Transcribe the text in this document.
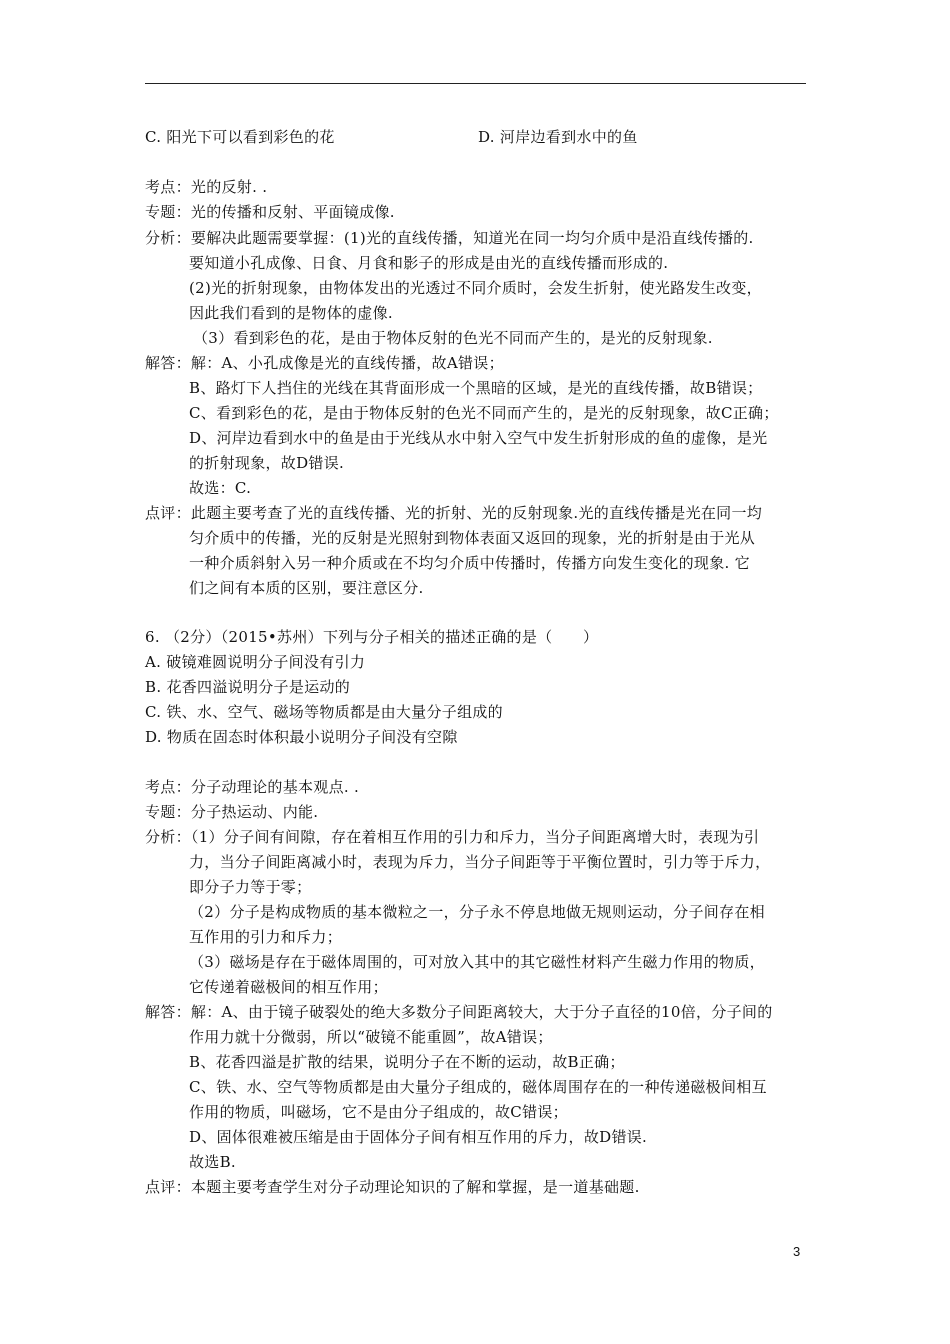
C. 阳光下可以看到彩色的花	D. 河岸边看到水中的鱼
考点：光的反射. .
专题：光的传播和反射、平面镜成像.
分析：要解决此题需要掌握：(1)光的直线传播，知道光在同一均匀介质中是沿直线传播的.
要知道小孔成像、日食、月食和影子的形成是由光的直线传播而形成的.
(2)光的折射现象，由物体发出的光透过不同介质时，会发生折射，使光路发生改变，
因此我们看到的是物体的虚像.
（3）看到彩色的花，是由于物体反射的色光不同而产生的，是光的反射现象.
解答：解：A、小孔成像是光的直线传播，故A错误；
B、路灯下人挡住的光线在其背面形成一个黑暗的区域，是光的直线传播，故B错误；
C、看到彩色的花，是由于物体反射的色光不同而产生的，是光的反射现象，故C正确；
D、河岸边看到水中的鱼是由于光线从水中射入空气中发生折射形成的鱼的虚像，是光
的折射现象，故D错误.
故选：C.
点评：此题主要考查了光的直线传播、光的折射、光的反射现象.光的直线传播是光在同一均
匀介质中的传播，光的反射是光照射到物体表面又返回的现象，光的折射是由于光从
一种介质斜射入另一种介质或在不均匀介质中传播时，传播方向发生变化的现象. 它
们之间有本质的区别，要注意区分.
6. （2分）（2015•苏州）下列与分子相关的描述正确的是（　　）
A. 破镜难圆说明分子间没有引力
B. 花香四溢说明分子是运动的
C. 铁、水、空气、磁场等物质都是由大量分子组成的
D. 物质在固态时体积最小说明分子间没有空隙
考点：分子动理论的基本观点. .
专题：分子热运动、内能.
分析：（1）分子间有间隙，存在着相互作用的引力和斥力，当分子间距离增大时，表现为引
力，当分子间距离减小时，表现为斥力，当分子间距等于平衡位置时，引力等于斥力，
即分子力等于零；
（2）分子是构成物质的基本微粒之一，分子永不停息地做无规则运动，分子间存在相
互作用的引力和斥力；
（3）磁场是存在于磁体周围的，可对放入其中的其它磁性材料产生磁力作用的物质，
它传递着磁极间的相互作用；
解答：解：A、由于镜子破裂处的绝大多数分子间距离较大，大于分子直径的10倍，分子间的
作用力就十分微弱，所以“破镜不能重圆”，故A错误；
B、花香四溢是扩散的结果，说明分子在不断的运动，故B正确；
C、铁、水、空气等物质都是由大量分子组成的，磁体周围存在的一种传递磁极间相互
作用的物质，叫磁场，它不是由分子组成的，故C错误；
D、固体很难被压缩是由于固体分子间有相互作用的斥力，故D错误.
故选B.
点评：本题主要考查学生对分子动理论知识的了解和掌握，是一道基础题.
3
